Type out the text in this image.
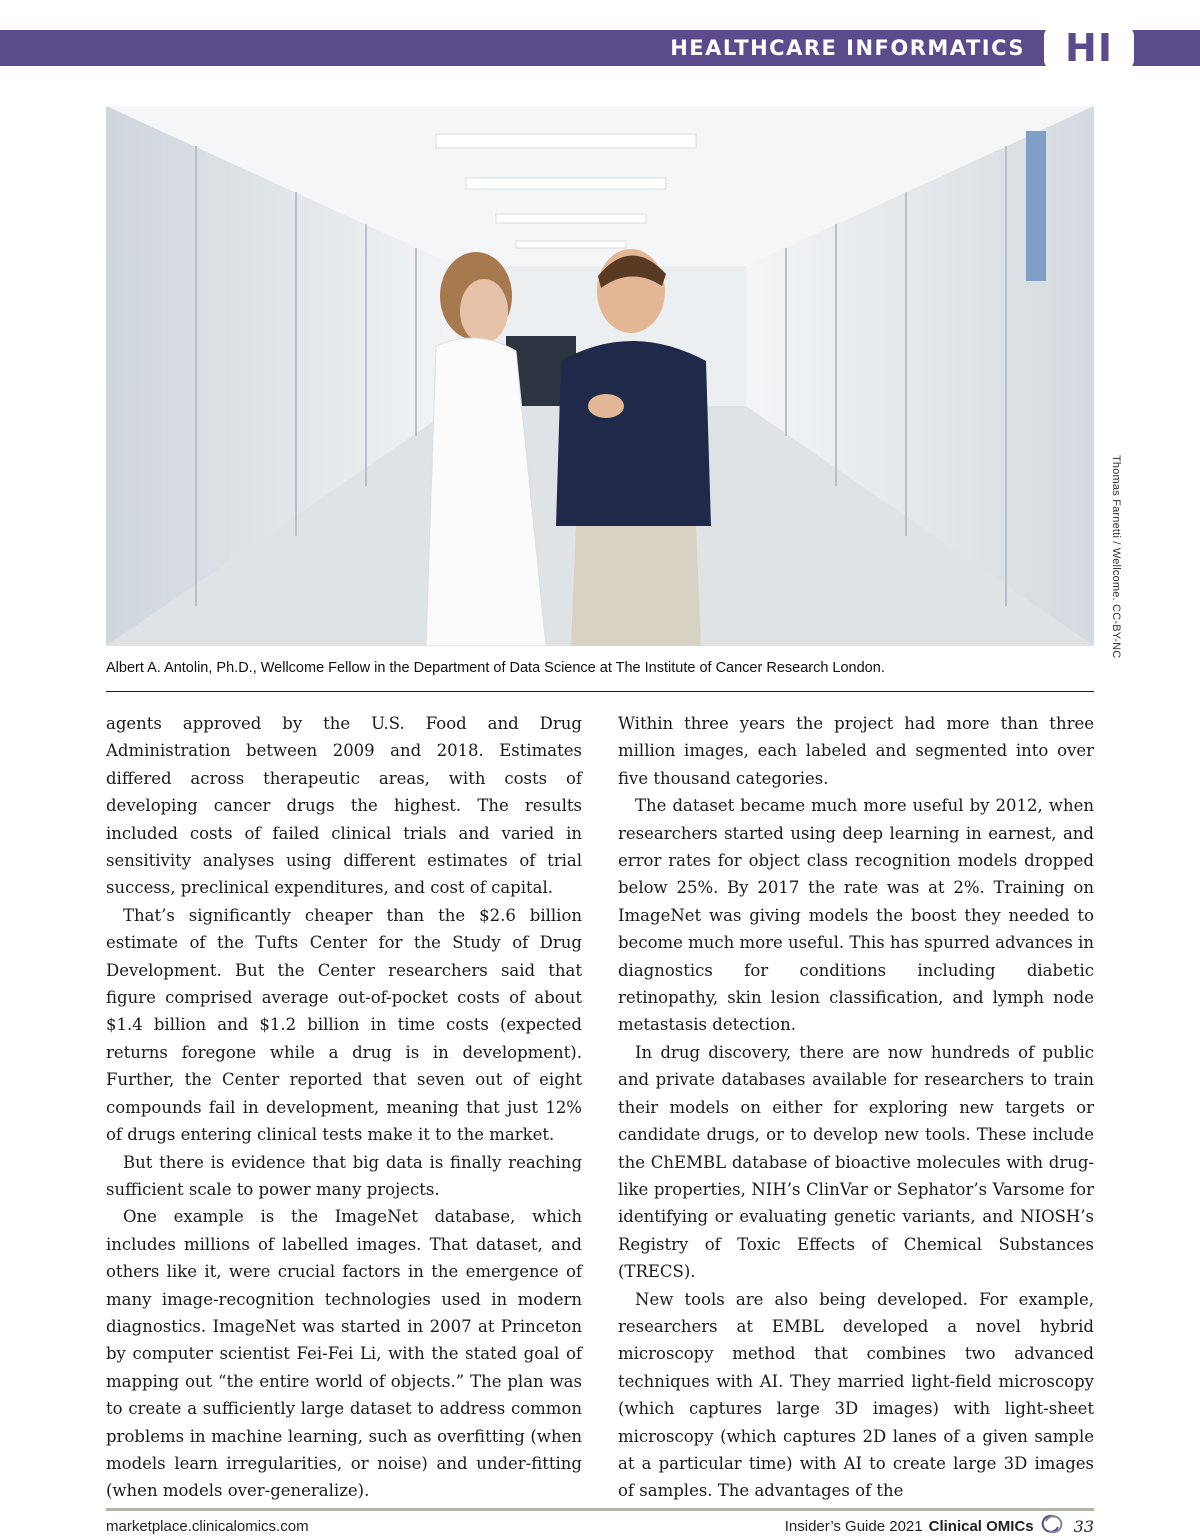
HEALTHCARE INFORMATICS	HI
Thomas Farnetti / Wellcome. CC-BY-NC
Albert A. Antolin, Ph.D., Wellcome Fellow in the Department of Data Science at The Institute of Cancer Research London.

agents approved by the U.S. Food and Drug Administration between 2009 and 2018. Estimates differed across therapeutic areas, with costs of developing cancer drugs the highest. The results included costs of failed clinical trials and varied in sensitivity analyses using different estimates of trial success, preclinical expenditures, and cost of capital.

That’s significantly cheaper than the $2.6 billion estimate of the Tufts Center for the Study of Drug Development. But the Center researchers said that figure comprised average out-of-pocket costs of about $1.4 billion and $1.2 billion in time costs (expected returns foregone while a drug is in development). Further, the Center reported that seven out of eight compounds fail in development, meaning that just 12% of drugs entering clinical tests make it to the market.

But there is evidence that big data is finally reaching sufficient scale to power many projects.

One example is the ImageNet database, which includes millions of labelled images. That dataset, and others like it, were crucial factors in the emergence of many image-recognition technologies used in modern diagnostics. ImageNet was started in 2007 at Princeton by computer scientist Fei-Fei Li, with the stated goal of mapping out “the entire world of objects.” The plan was to create a sufficiently large dataset to address common problems in machine learning, such as overfitting (when models learn irregularities, or noise) and under-fitting (when models over-generalize).

Within three years the project had more than three million images, each labeled and segmented into over five thousand categories.

The dataset became much more useful by 2012, when researchers started using deep learning in earnest, and error rates for object class recognition models dropped below 25%. By 2017 the rate was at 2%. Training on ImageNet was giving models the boost they needed to become much more useful. This has spurred advances in diagnostics for conditions including diabetic retinopathy, skin lesion classification, and lymph node metastasis detection.

In drug discovery, there are now hundreds of public and private databases available for researchers to train their models on either for exploring new targets or candidate drugs, or to develop new tools. These include the ChEMBL database of bioactive molecules with drug-like properties, NIH’s ClinVar or Sephator’s Varsome for identifying or evaluating genetic variants, and NIOSH’s Registry of Toxic Effects of Chemical Substances (TRECS).

New tools are also being developed. For example, researchers at EMBL developed a novel hybrid microscopy method that combines two advanced techniques with AI. They married light-field microscopy (which captures large 3D images) with light-sheet microscopy (which captures 2D lanes of a given sample at a particular time) with AI to create large 3D images of samples. The advantages of the

marketplace.clinicalomics.com	Insider’s Guide 2021 Clinical OMICs	33
